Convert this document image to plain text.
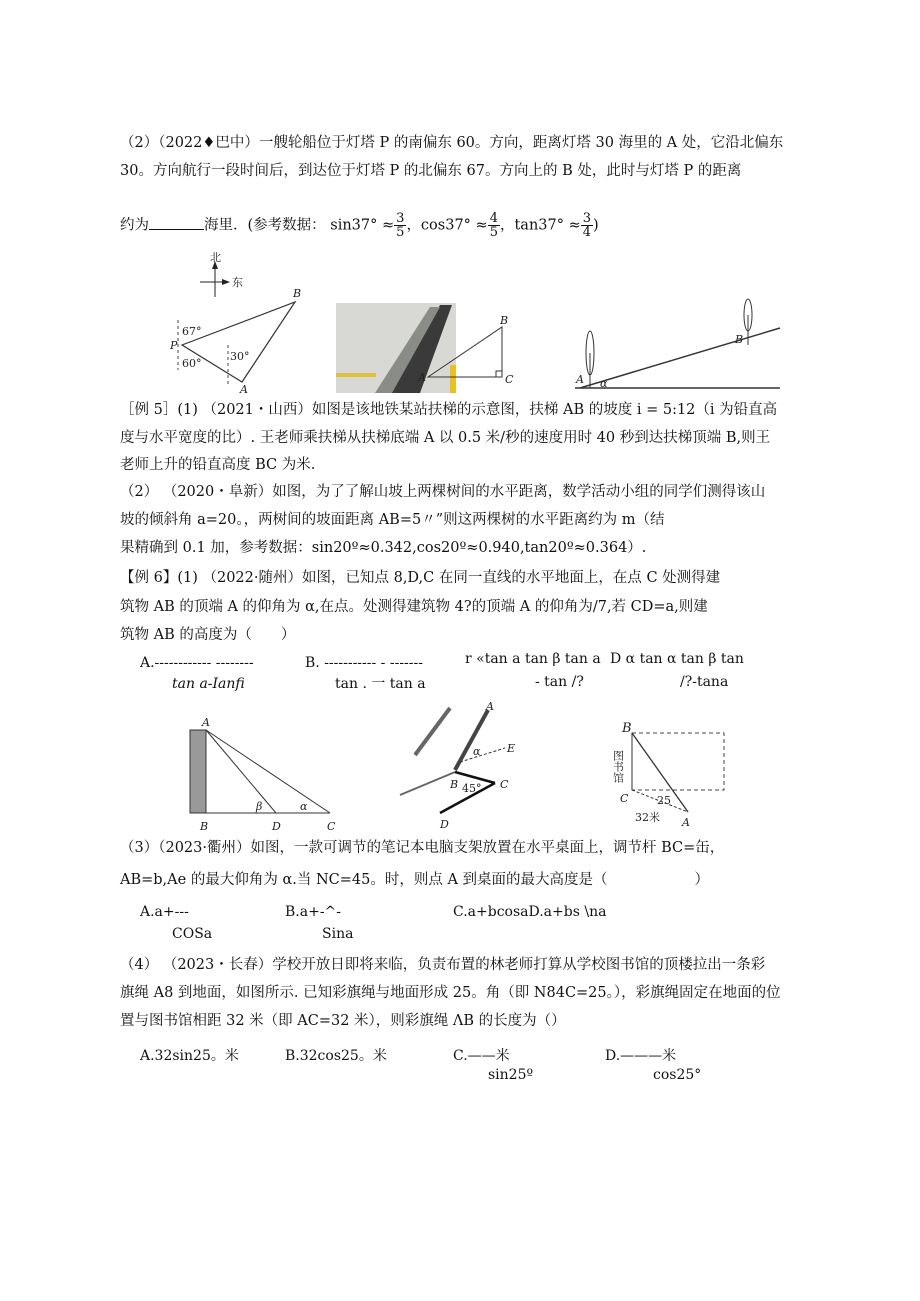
（2）（2022♦巴中）一艘轮船位于灯塔 P 的南偏东 60。方向，距离灯塔 30 海里的 A 处，它沿北偏东
30。方向航行一段时间后，到达位于灯塔 P 的北偏东 67。方向上的 B 处，此时与灯塔 P 的距离
约为	海里．(参考数据： $\sin 37^\circ \approx \frac{3}{5}$ ，$\cos 37^\circ \approx \frac{4}{5}$ ，$\tan 37^\circ \approx \frac{3}{4}$ )
北
东
B
P
A
67°
60°
30°
B
A	C	A
B
α
［例 5］(1) （2021・山西）如图是该地铁某站扶梯的示意图，扶梯 AB 的坡度 i = 5:12（i 为铅直高
度与水平宽度的比）. 王老师乘扶梯从扶梯底端 A 以 0.5 米/秒的速度用时 40 秒到达扶梯顶端 B,则王
老师上升的铅直高度 BC 为米.
（2） （2020・阜新）如图，为了了解山坡上两棵树间的水平距离，数学活动小组的同学们测得该山
坡的倾斜角 a=20。，两树间的坡面距离 AB=5〃”则这两棵树的水平距离约为 m（结
果精确到 0.1 加，参考数据：sin20º≈0.342,cos20º≈0.940,tan20º≈0.364）.
【例 6】(1) （2022·随州）如图，已知点 8,D,C 在同一直线的水平地面上，在点 C 处测得建
筑物 AB 的顶端 A 的仰角为 α,在点。处测得建筑物 4?的顶端 A 的仰角为/7,若 CD=a,则建
筑物 AB 的高度为（　　）
A.------------ --------
tan a-Ianfi
B. ----------- - -------
tan . 一 tan a
r «tan a tan β tan a
- tan /?
D α tan α tan β tan
/?-tana
A
B	D	C
β	α
A
B	C
D
E
α
45°
B
C
A
25
32米
图书馆
（3）（2023·衢州）如图，一款可调节的笔记本电脑支架放置在水平桌面上，调节杆 BC=缶，
AB=b,Ae 的最大仰角为 α.当 NC=45。时，则点 A 到桌面的最大高度是（　　　　　　）
A.a+---
COSa
B.a+-^-
Sina
C.a+bcosaD.a+bs \na
（4） （2023・长春）学校开放日即将来临，负责布置的林老师打算从学校图书馆的顶楼拉出一条彩
旗绳 A8 到地面，如图所示. 已知彩旗绳与地面形成 25。角（即 N84C=25。），彩旗绳固定在地面的位
置与图书馆相距 32 米（即 AC=32 米），则彩旗绳 ΛB 的长度为（）
A.32sin25。米	B.32cos25。米	C.——米
sin25º
D.———米
cos25°
